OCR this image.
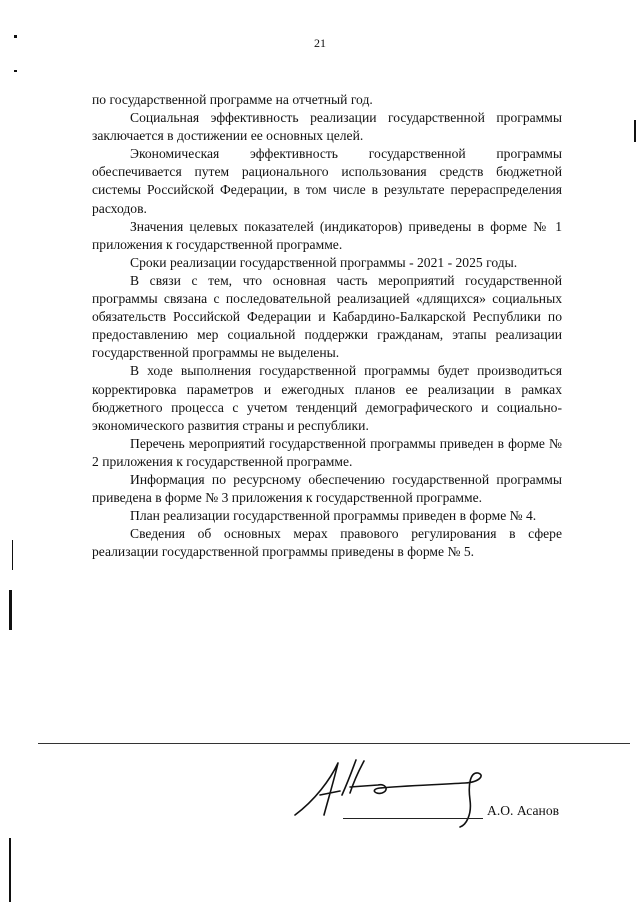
21

по государственной программе на отчетный год.

Социальная эффективность реализации государственной программы заключается в достижении ее основных целей.

Экономическая эффективность государственной программы обеспечивается путем рационального использования средств бюджетной системы Российской Федерации, в том числе в результате перераспределения расходов.

Значения целевых показателей (индикаторов) приведены в форме № 1 приложения к государственной программе.

Сроки реализации государственной программы - 2021 - 2025 годы.

В связи с тем, что основная часть мероприятий государственной программы связана с последовательной реализацией «длящихся» социальных обязательств Российской Федерации и Кабардино-Балкарской Республики по предоставлению мер социальной поддержки гражданам, этапы реализации государственной программы не выделены.

В ходе выполнения государственной программы будет производиться корректировка параметров и ежегодных планов ее реализации в рамках бюджетного процесса с учетом тенденций демографического и социально-экономического развития страны и республики.

Перечень мероприятий государственной программы приведен в форме № 2 приложения к государственной программе.

Информация по ресурсному обеспечению государственной программы приведена в форме № 3 приложения к государственной программе.

План реализации государственной программы приведен в форме № 4.

Сведения об основных мерах правового регулирования в сфере реализации государственной программы приведены в форме № 5.

А.О. Асанов
